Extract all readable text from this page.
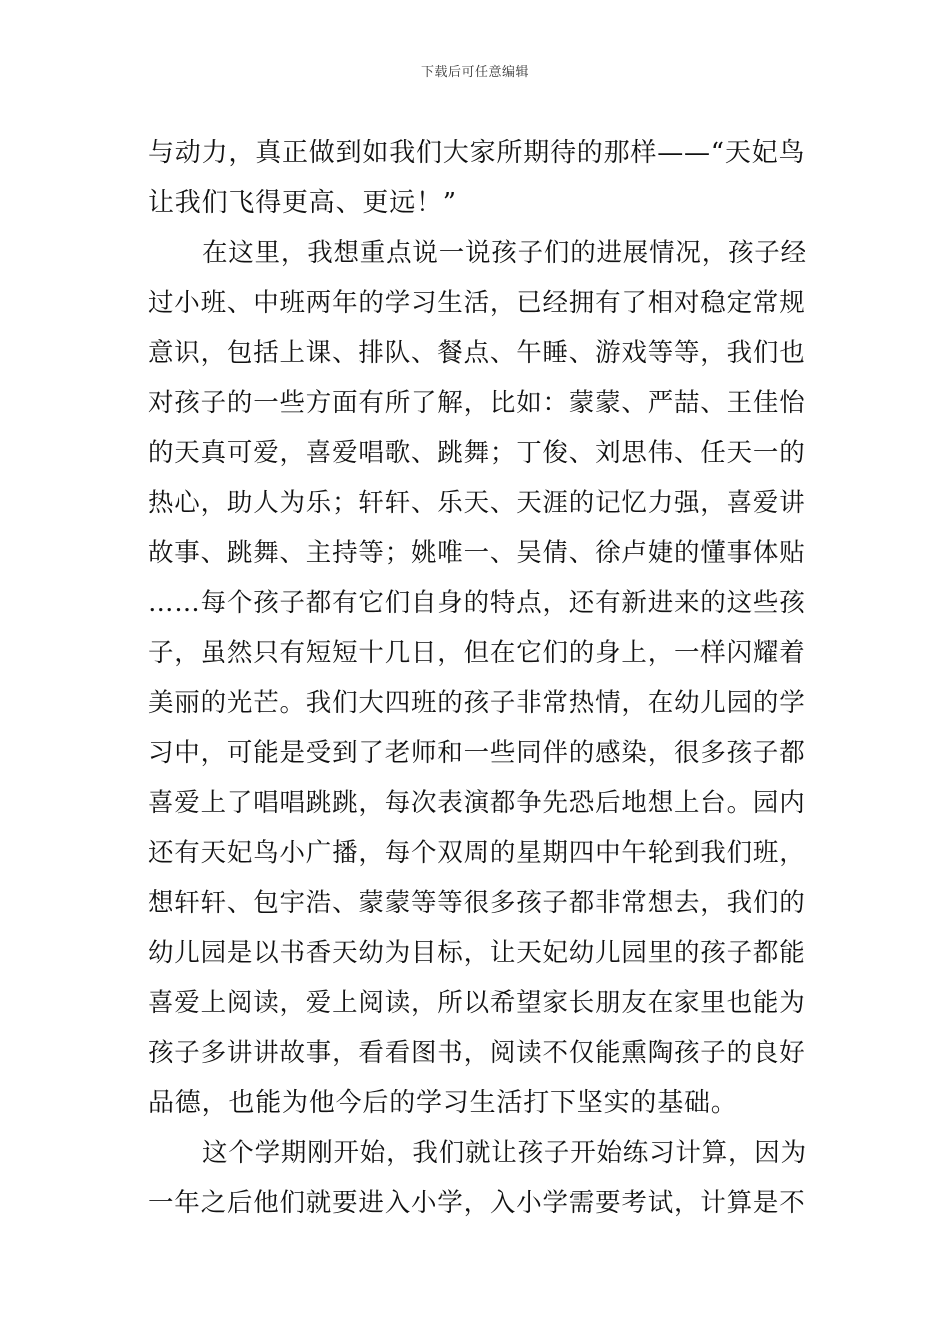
下载后可任意编辑
与动力，真正做到如我们大家所期待的那样——“天妃鸟
让我们飞得更高、更远！”
在这里，我想重点说一说孩子们的进展情况，孩子经
过小班、中班两年的学习生活，已经拥有了相对稳定常规
意识，包括上课、排队、餐点、午睡、游戏等等，我们也
对孩子的一些方面有所了解，比如：蒙蒙、严喆、王佳怡
的天真可爱，喜爱唱歌、跳舞；丁俊、刘思伟、任天一的
热心，助人为乐；轩轩、乐天、天涯的记忆力强，喜爱讲
故事、跳舞、主持等；姚唯一、吴倩、徐卢婕的懂事体贴
……每个孩子都有它们自身的特点，还有新进来的这些孩
子，虽然只有短短十几日，但在它们的身上，一样闪耀着
美丽的光芒。我们大四班的孩子非常热情，在幼儿园的学
习中，可能是受到了老师和一些同伴的感染，很多孩子都
喜爱上了唱唱跳跳，每次表演都争先恐后地想上台。园内
还有天妃鸟小广播，每个双周的星期四中午轮到我们班，
想轩轩、包宇浩、蒙蒙等等很多孩子都非常想去，我们的
幼儿园是以书香天幼为目标，让天妃幼儿园里的孩子都能
喜爱上阅读，爱上阅读，所以希望家长朋友在家里也能为
孩子多讲讲故事，看看图书，阅读不仅能熏陶孩子的良好
品德，也能为他今后的学习生活打下坚实的基础。
这个学期刚开始，我们就让孩子开始练习计算，因为
一年之后他们就要进入小学，入小学需要考试，计算是不
